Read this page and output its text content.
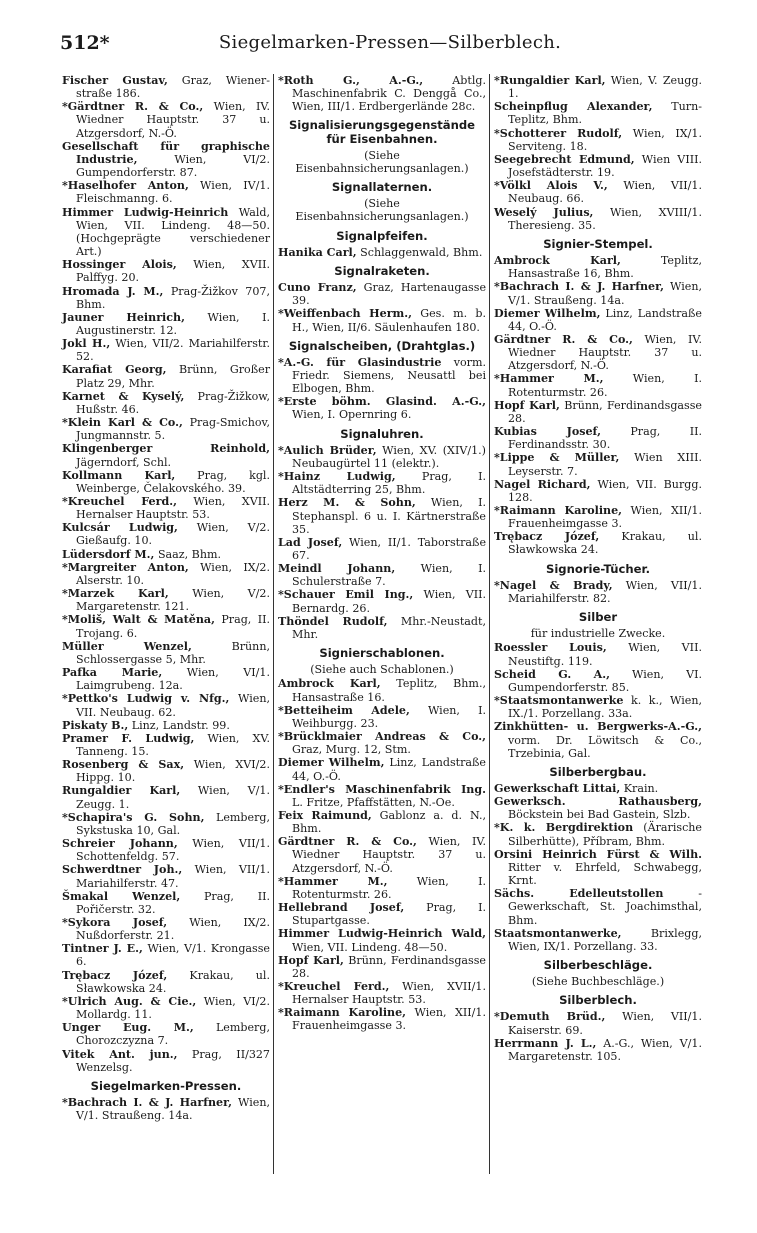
512*	Siegelmarken-Pressen—Silberblech.

Fischer Gustav, Graz, Wiener-straße 186.

*Gärdtner R. & Co., Wien, IV. Wiedner Hauptstr. 37 u. Atzgersdorf, N.-Ö.

Gesellschaft für graphische Industrie, Wien, VI/2. Gumpendorferstr. 87.

*Haselhofer Anton, Wien, IV/1. Fleischmanng. 6.

Himmer Ludwig-Heinrich Wald, Wien, VII. Lindeng. 48—50. (Hochgeprägte verschiedener Art.)

Hossinger Alois, Wien, XVII. Palffyg. 20.

Hromada J. M., Prag-Žižkov 707, Bhm.

Jauner Heinrich, Wien, I. Augustinerstr. 12.

Jokl H., Wien, VII/2. Mariahilferstr. 52.

Karafiat Georg, Brünn, Großer Platz 29, Mhr.

Karnet & Kyselý, Prag-Žižkow, Hußstr. 46.

*Klein Karl & Co., Prag-Smichov, Jungmannstr. 5.

Klingenberger Reinhold, Jägerndorf, Schl.

Kollmann Karl, Prag, kgl. Weinberge, Čelakovského. 39.

*Kreuchel Ferd., Wien, XVII. Hernalser Hauptstr. 53.

Kulcsár Ludwig, Wien, V/2. Gießaufg. 10.

Lüdersdorf M., Saaz, Bhm.

*Margreiter Anton, Wien, IX/2. Alserstr. 10.

*Marzek Karl, Wien, V/2. Margaretenstr. 121.

*Moliš, Walt & Matěna, Prag, II. Trojang. 6.

Müller Wenzel, Brünn, Schlossergasse 5, Mhr.

Pafka Marie, Wien, VI/1. Laimgrubeng. 12a.

*Pettko's Ludwig v. Nfg., Wien, VII. Neubaug. 62.

Piskaty B., Linz, Landstr. 99.

Pramer F. Ludwig, Wien, XV. Tanneng. 15.

Rosenberg & Sax, Wien, XVI/2. Hippg. 10.

Rungaldier Karl, Wien, V/1. Zeugg. 1.

*Schapira's G. Sohn, Lemberg, Sykstuska 10, Gal.

Schreier Johann, Wien, VII/1. Schottenfeldg. 57.

Schwerdtner Joh., Wien, VII/1. Mariahilferstr. 47.

Šmakal Wenzel, Prag, II. Pořičerstr. 32.

*Sykora Josef, Wien, IX/2. Nußdorferstr. 21.

Tintner J. E., Wien, V/1. Krongasse 6.

Trębacz Józef, Krakau, ul. Sławkowska 24.

*Ulrich Aug. & Cie., Wien, VI/2. Mollardg. 11.

Unger Eug. M., Lemberg, Chorozczyzna 7.

Vitek Ant. jun., Prag, II/327 Wenzelsg.

Siegelmarken-Pressen.

*Bachrach I. & J. Harfner, Wien, V/1. Straußeng. 14a.

*Roth G., A.-G., Abtlg. Maschinenfabrik C. Denggå Co., Wien, III/1. Erdbergerlände 28c.

Signalisierungsgegenstände für Eisenbahnen.
(Siehe Eisenbahnsicherungsanlagen.)
Signallaternen.
(Siehe Eisenbahnsicherungsanlagen.)
Signalpfeifen.

Hanika Carl, Schlaggenwald, Bhm.

Signalraketen.

Cuno Franz, Graz, Hartenaugasse 39.

*Weiffenbach Herm., Ges. m. b. H., Wien, II/6. Säulenhaufen 180.

Signalscheiben, (Drahtglas.)

*A.-G. für Glasindustrie vorm. Friedr. Siemens, Neusattl bei Elbogen, Bhm.

*Erste böhm. Glasind. A.-G., Wien, I. Opernring 6.

Signaluhren.

*Aulich Brüder, Wien, XV. (XIV/1.) Neubaugürtel 11 (elektr.).

*Hainz Ludwig, Prag, I. Altstädterring 25, Bhm.

Herz M. & Sohn, Wien, I. Stephanspl. 6 u. I. Kärtnerstraße 35.

Lad Josef, Wien, II/1. Taborstraße 67.

Meindl Johann, Wien, I. Schulerstraße 7.

*Schauer Emil Ing., Wien, VII. Bernardg. 26.

Thöndel Rudolf, Mhr.-Neustadt, Mhr.

Signierschablonen.
(Siehe auch Schablonen.)

Ambrock Karl, Teplitz, Bhm., Hansastraße 16.

*Betteiheim Adele, Wien, I. Weihburgg. 23.

*Brücklmaier Andreas & Co., Graz, Murg. 12, Stm.

Diemer Wilhelm, Linz, Landstraße 44, O.-Ö.

*Endler's Maschinenfabrik Ing. L. Fritze, Pfaffstätten, N.-Oe.

Feix Raimund, Gablonz a. d. N., Bhm.

Gärdtner R. & Co., Wien, IV. Wiedner Hauptstr. 37 u. Atzgersdorf, N.-Ö.

*Hammer M., Wien, I. Rotenturmstr. 26.

Hellebrand Josef, Prag, I. Stupartgasse.

Himmer Ludwig-Heinrich Wald, Wien, VII. Lindeng. 48—50.

Hopf Karl, Brünn, Ferdinandsgasse 28.

*Kreuchel Ferd., Wien, XVII/1. Hernalser Hauptstr. 53.

*Raimann Karoline, Wien, XII/1. Frauenheimgasse 3.

*Rungaldier Karl, Wien, V. Zeugg. 1.

Scheinpflug Alexander, Turn-Teplitz, Bhm.

*Schotterer Rudolf, Wien, IX/1. Serviteng. 18.

Seegebrecht Edmund, Wien VIII. Josefstädterstr. 19.

*Völkl Alois V., Wien, VII/1. Neubaug. 66.

Weselý Julius, Wien, XVIII/1. Theresieng. 35.

Signier-Stempel.

Ambrock Karl, Teplitz, Hansastraße 16, Bhm.

*Bachrach I. & J. Harfner, Wien, V/1. Straußeng. 14a.

Diemer Wilhelm, Linz, Landstraße 44, O.-Ö.

Gärdtner R. & Co., Wien, IV. Wiedner Hauptstr. 37 u. Atzgersdorf, N.-Ö.

*Hammer M., Wien, I. Rotenturmstr. 26.

Hopf Karl, Brünn, Ferdinandsgasse 28.

Kubias Josef, Prag, II. Ferdinandsstr. 30.

*Lippe & Müller, Wien XIII. Leyserstr. 7.

Nagel Richard, Wien, VII. Burgg. 128.

*Raimann Karoline, Wien, XII/1. Frauenheimgasse 3.

Trębacz Józef, Krakau, ul. Sławkowska 24.

Signorie-Tücher.

*Nagel & Brady, Wien, VII/1. Mariahilferstr. 82.

Silber
für industrielle Zwecke.

Roessler Louis, Wien, VII. Neustiftg. 119.

Scheid G. A., Wien, VI. Gumpendorferstr. 85.

*Staatsmontanwerke k. k., Wien, IX./1. Porzellang. 33a.

Zinkhütten- u. Bergwerks-A.-G., vorm. Dr. Löwitsch & Co., Trzebinia, Gal.

Silberbergbau.

Gewerkschaft Littai, Krain.

Gewerksch. Rathausberg, Böckstein bei Bad Gastein, Slzb.

*K. k. Bergdirektion (Ärarische Silberhütte), Příbram, Bhm.

Orsini Heinrich Fürst & Wilh. Ritter v. Ehrfeld, Schwabegg, Krnt.

Sächs. Edelleutstollen - Gewerkschaft, St. Joachimsthal, Bhm.

Staatsmontanwerke, Brixlegg, Wien, IX/1. Porzellang. 33.

Silberbeschläge.
(Siehe Buchbeschläge.)
Silberblech.

*Demuth Brüd., Wien, VII/1. Kaiserstr. 69.

Herrmann J. L., A.-G., Wien, V/1. Margaretenstr. 105.
